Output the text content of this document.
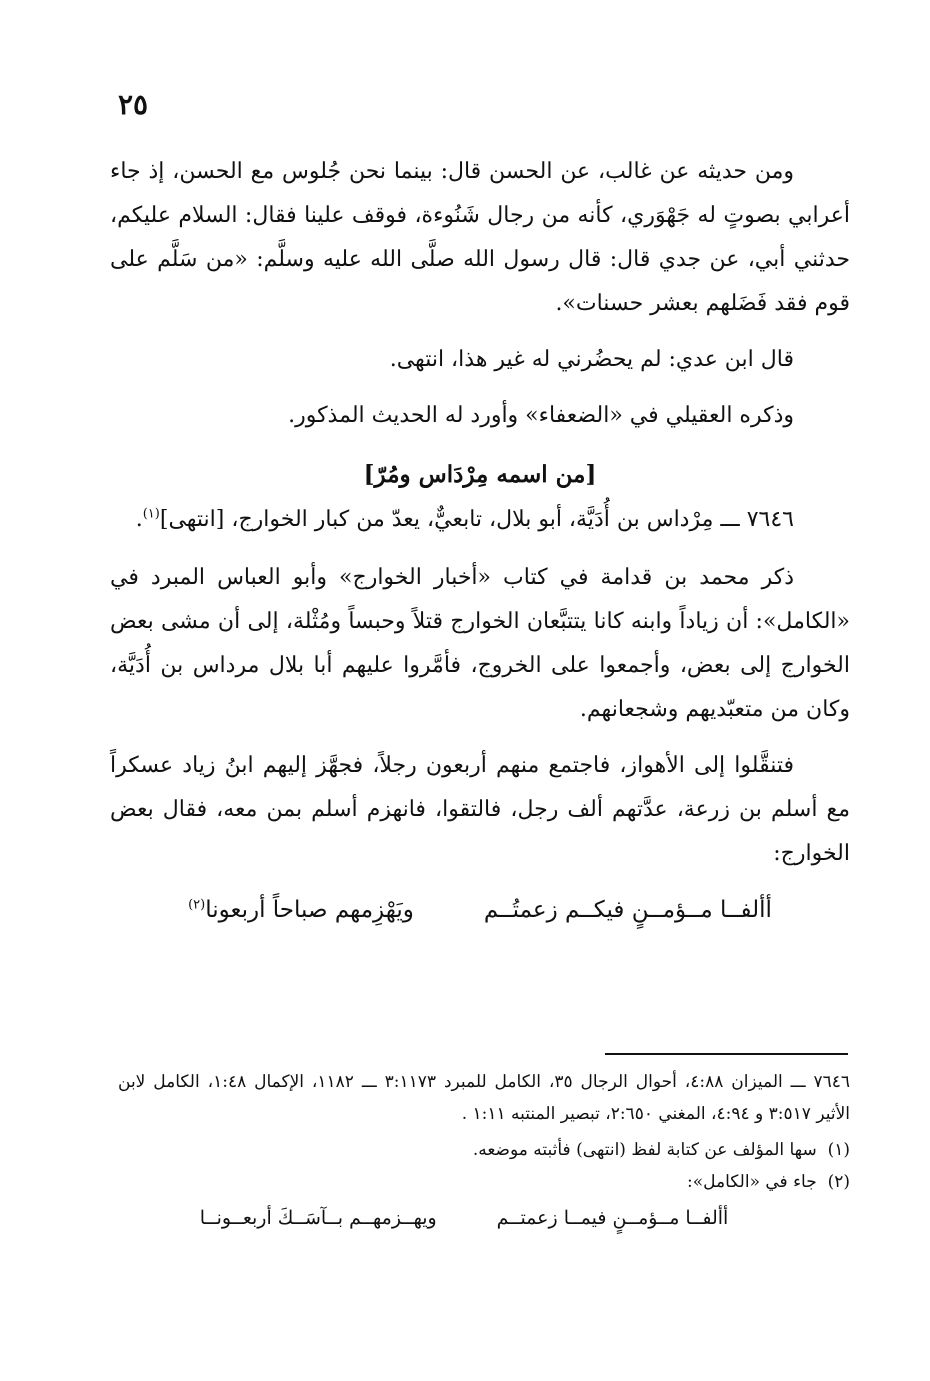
٢٥

ومن حديثه عن غالب، عن الحسن قال: بينما نحن جُلوس مع الحسن، إذ جاء أعرابي بصوتٍ له جَهْوَري، كأنه من رجال شَنُوءة، فوقف علينا فقال: السلام عليكم، حدثني أبي، عن جدي قال: قال رسول الله صلَّى الله عليه وسلَّم: «من سَلَّم على قوم فقد فَضَلهم بعشر حسنات».

قال ابن عدي: لم يحضُرني له غير هذا، انتهى.

وذكره العقيلي في «الضعفاء» وأورد له الحديث المذكور.

[من اسمه مِرْدَاس ومُرّ]

٧٦٤٦ ـــ مِرْداس بن أُدَيَّة، أبو بلال، تابعيٌّ، يعدّ من كبار الخوارج، [انتهى]$^{(١)}$.

ذكر محمد بن قدامة في كتاب «أخبار الخوارج» وأبو العباس المبرد في «الكامل»: أن زياداً وابنه كانا يتتبَّعان الخوارج قتلاً وحبساً ومُثْلة، إلى أن مشى بعض الخوارج إلى بعض، وأجمعوا على الخروج، فأمَّروا عليهم أبا بلال مرداس بن أُدَيَّة، وكان من متعبّديهم وشجعانهم.

فتنقَّلوا إلى الأهواز، فاجتمع منهم أربعون رجلاً، فجهَّز إليهم ابنُ زياد عسكراً مع أسلم بن زرعة، عدَّتهم ألف رجل، فالتقوا، فانهزم أسلم بمن معه، فقال بعض الخوارج:

أألفــا مــؤمــنٍ فيكــم زعمتُــم
ويَهْزِمهم صباحاً أربعونا$^{(٢)}$

٧٦٤٦ ـــ الميزان ٤:٨٨، أحوال الرجال ٣٥، الكامل للمبرد ٣:١١٧٣ ـــ ١١٨٢، الإكمال ١:٤٨، الكامل لابن الأثير ٣:٥١٧ و ٤:٩٤، المغني ٢:٦٥٠، تبصير المنتبه ١:١١ .

(١)  سها المؤلف عن كتابة لفظ (انتهى) فأثبته موضعه.

(٢)  جاء في «الكامل»:

أألفــا مــؤمــنٍ فيمــا زعمتــم
ويهــزمهــم بــآسَــكَ أربعــونــا
